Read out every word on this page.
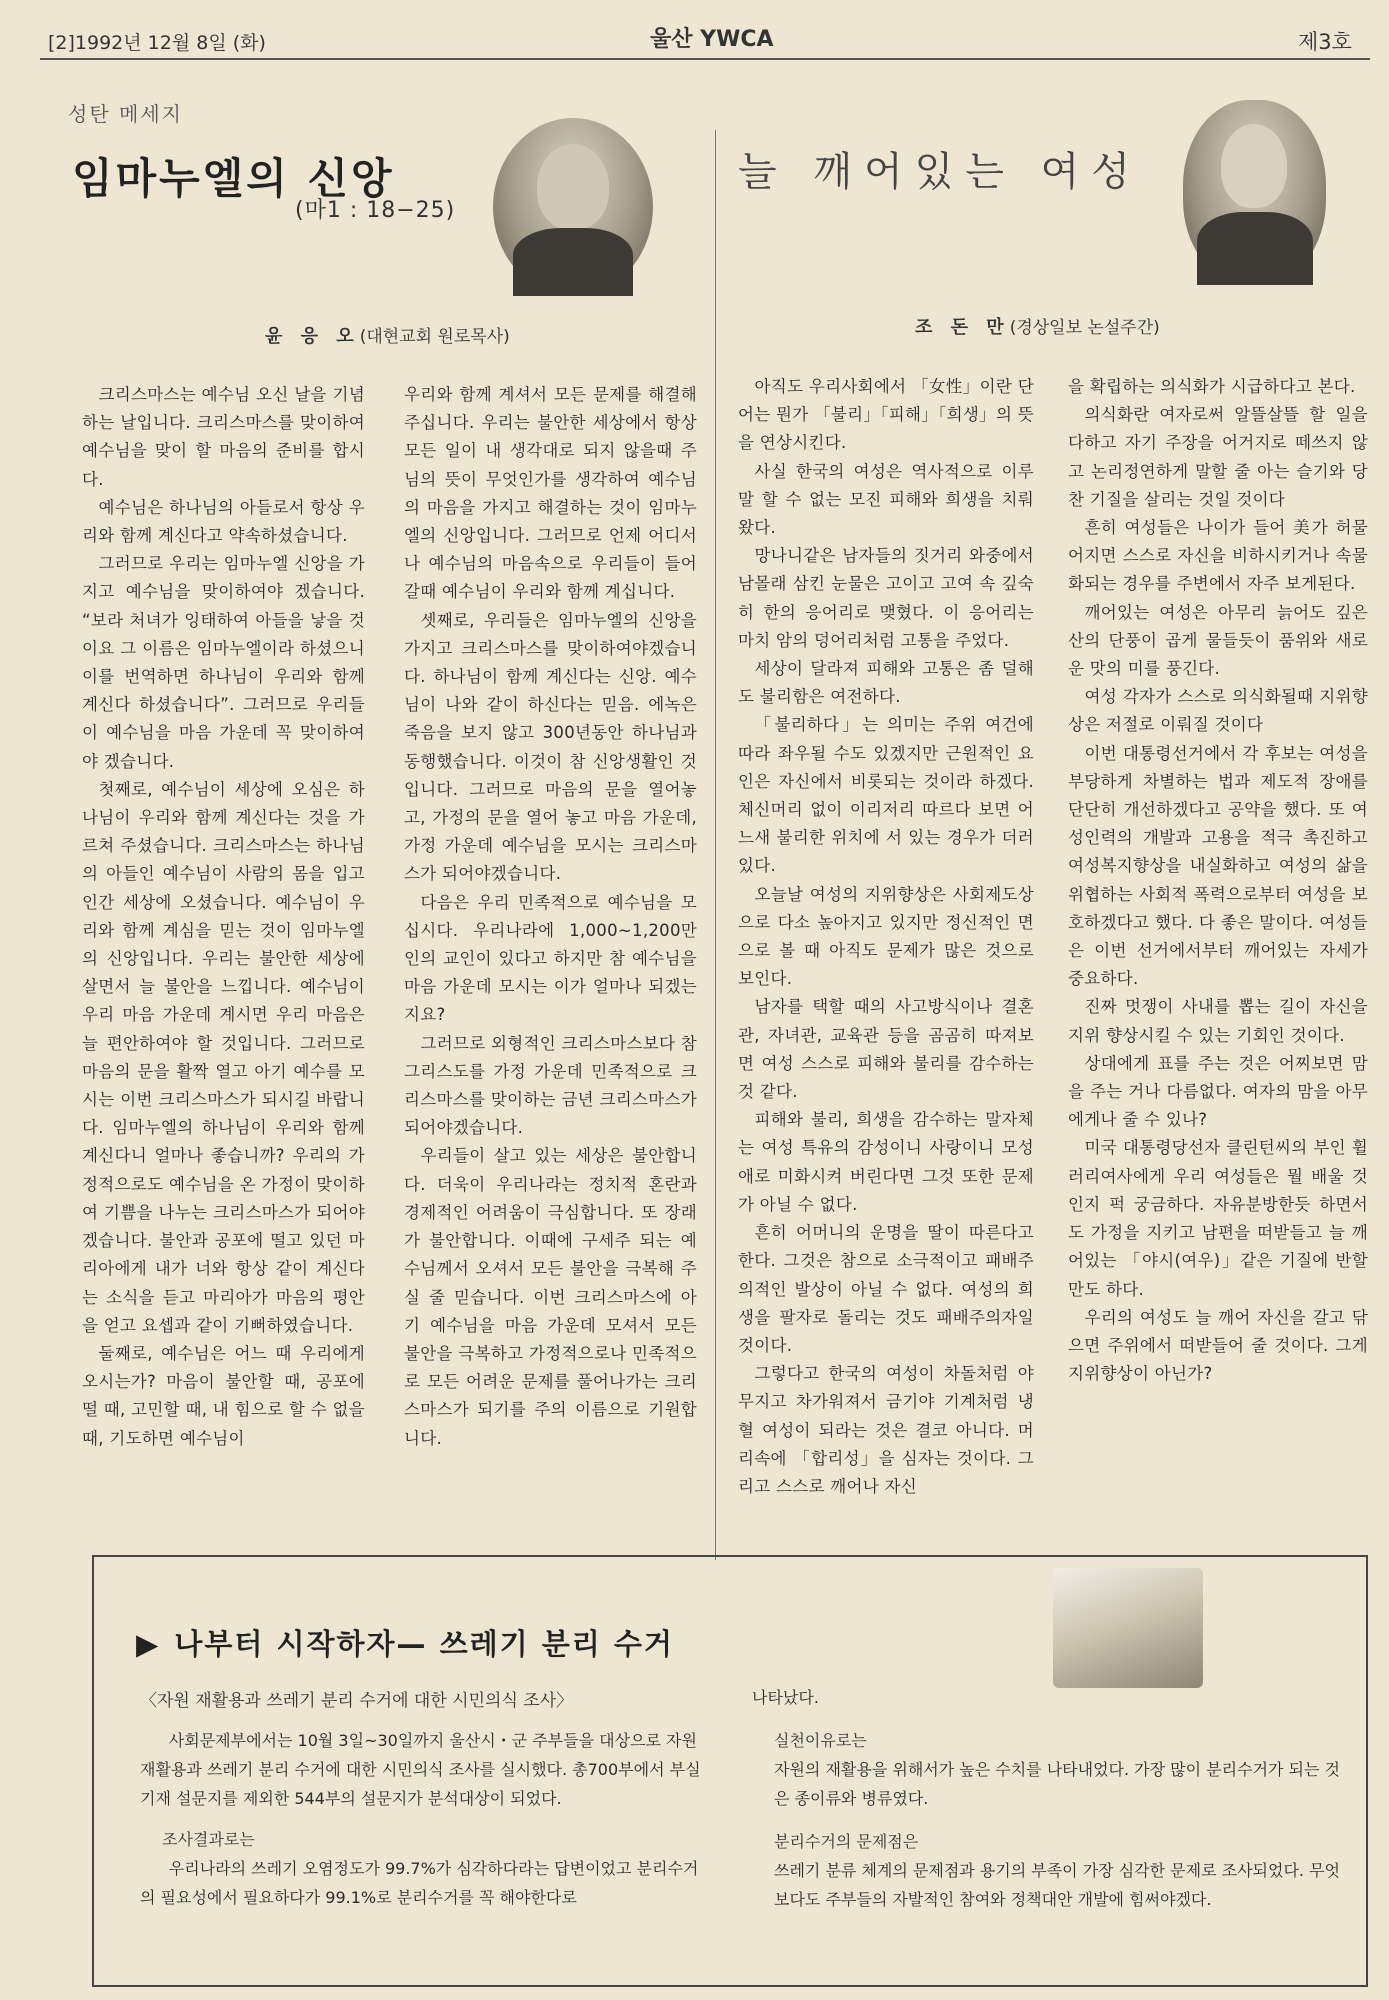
[2]1992년 12월 8일 (화)	울산 YWCA	제3호
성탄 메세지
임마누엘의 신앙
(마1 : 18−25)
윤 응 오(대현교회 원로목사)

크리스마스는 예수님 오신 날을 기념하는 날입니다. 크리스마스를 맞이하여 예수님을 맞이 할 마음의 준비를 합시다.

예수님은 하나님의 아들로서 항상 우리와 함께 계신다고 약속하셨습니다.

그러므로 우리는 임마누엘 신앙을 가지고 예수님을 맞이하여야 겠습니다. “보라 처녀가 잉태하여 아들을 낳을 것이요 그 이름은 임마누엘이라 하셨으니 이를 번역하면 하나님이 우리와 함께 계신다 하셨습니다”. 그러므로 우리들이 예수님을 마음 가운데 꼭 맞이하여야 겠습니다.

첫째로, 예수님이 세상에 오심은 하나님이 우리와 함께 계신다는 것을 가르쳐 주셨습니다. 크리스마스는 하나님의 아들인 예수님이 사람의 몸을 입고 인간 세상에 오셨습니다. 예수님이 우리와 함께 계심을 믿는 것이 임마누엘의 신앙입니다. 우리는 불안한 세상에 살면서 늘 불안을 느낍니다. 예수님이 우리 마음 가운데 계시면 우리 마음은 늘 편안하여야 할 것입니다. 그러므로 마음의 문을 활짝 열고 아기 예수를 모시는 이번 크리스마스가 되시길 바랍니다. 임마누엘의 하나님이 우리와 함께 계신다니 얼마나 좋습니까? 우리의 가정적으로도 예수님을 온 가정이 맞이하여 기쁨을 나누는 크리스마스가 되어야겠습니다. 불안과 공포에 떨고 있던 마리아에게 내가 너와 항상 같이 계신다는 소식을 듣고 마리아가 마음의 평안을 얻고 요셉과 같이 기뻐하였습니다.

둘째로, 예수님은 어느 때 우리에게 오시는가? 마음이 불안할 때, 공포에 떨 때, 고민할 때, 내 힘으로 할 수 없을 때, 기도하면 예수님이

우리와 함께 계셔서 모든 문제를 해결해 주십니다. 우리는 불안한 세상에서 항상 모든 일이 내 생각대로 되지 않을때 주님의 뜻이 무엇인가를 생각하여 예수님의 마음을 가지고 해결하는 것이 임마누엘의 신앙입니다. 그러므로 언제 어디서나 예수님의 마음속으로 우리들이 들어갈때 예수님이 우리와 함께 계십니다.

셋째로, 우리들은 임마누엘의 신앙을 가지고 크리스마스를 맞이하여야겠습니다. 하나님이 함께 계신다는 신앙. 예수님이 나와 같이 하신다는 믿음. 에녹은 죽음을 보지 않고 300년동안 하나님과 동행했습니다. 이것이 참 신앙생활인 것입니다. 그러므로 마음의 문을 열어놓고, 가정의 문을 열어 놓고 마음 가운데, 가정 가운데 예수님을 모시는 크리스마스가 되어야겠습니다.

다음은 우리 민족적으로 예수님을 모십시다. 우리나라에 1,000~1,200만 인의 교인이 있다고 하지만 참 예수님을 마음 가운데 모시는 이가 얼마나 되겠는지요?

그러므로 외형적인 크리스마스보다 참 그리스도를 가정 가운데 민족적으로 크리스마스를 맞이하는 금년 크리스마스가 되어야겠습니다.

우리들이 살고 있는 세상은 불안합니다. 더욱이 우리나라는 정치적 혼란과 경제적인 어려움이 극심합니다. 또 장래가 불안합니다. 이때에 구세주 되는 예수님께서 오셔서 모든 불안을 극복해 주실 줄 믿습니다. 이번 크리스마스에 아기 예수님을 마음 가운데 모셔서 모든 불안을 극복하고 가정적으로나 민족적으로 모든 어려운 문제를 풀어나가는 크리스마스가 되기를 주의 이름으로 기원합니다.

늘 깨어있는 여성
조 돈 만(경상일보 논설주간)

아직도 우리사회에서 「女性」이란 단어는 뭔가 「불리」「피해」「희생」의 뜻을 연상시킨다.

사실 한국의 여성은 역사적으로 이루 말 할 수 없는 모진 피해와 희생을 치뤄왔다.

망나니같은 남자들의 짓거리 와중에서 남몰래 삼킨 눈물은 고이고 고여 속 깊숙히 한의 응어리로 맺혔다. 이 응어리는 마치 암의 덩어리처럼 고통을 주었다.

세상이 달라져 피해와 고통은 좀 덜해도 불리함은 여전하다.

「불리하다」는 의미는 주위 여건에 따라 좌우될 수도 있겠지만 근원적인 요인은 자신에서 비롯되는 것이라 하겠다. 체신머리 없이 이리저리 따르다 보면 어느새 불리한 위치에 서 있는 경우가 더러 있다.

오늘날 여성의 지위향상은 사회제도상으로 다소 높아지고 있지만 정신적인 면으로 볼 때 아직도 문제가 많은 것으로 보인다.

남자를 택할 때의 사고방식이나 결혼관, 자녀관, 교육관 등을 곰곰히 따져보면 여성 스스로 피해와 불리를 감수하는 것 같다.

피해와 불리, 희생을 감수하는 말자체는 여성 특유의 감성이니 사랑이니 모성애로 미화시켜 버린다면 그것 또한 문제가 아닐 수 없다.

흔히 어머니의 운명을 딸이 따른다고 한다. 그것은 참으로 소극적이고 패배주의적인 발상이 아닐 수 없다. 여성의 희생을 팔자로 돌리는 것도 패배주의자일 것이다.

그렇다고 한국의 여성이 차돌처럼 야무지고 차가워져서 금기야 기계처럼 냉혈 여성이 되라는 것은 결코 아니다. 머리속에 「합리성」을 심자는 것이다. 그리고 스스로 깨어나 자신

을 확립하는 의식화가 시급하다고 본다.

의식화란 여자로써 알뜰살뜰 할 일을 다하고 자기 주장을 어거지로 떼쓰지 않고 논리정연하게 말할 줄 아는 슬기와 당찬 기질을 살리는 것일 것이다

흔히 여성들은 나이가 들어 美가 허물어지면 스스로 자신을 비하시키거나 속물화되는 경우를 주변에서 자주 보게된다.

깨어있는 여성은 아무리 늙어도 깊은 산의 단풍이 곱게 물들듯이 품위와 새로운 맛의 미를 풍긴다.

여성 각자가 스스로 의식화될때 지위향상은 저절로 이뤄질 것이다

이번 대통령선거에서 각 후보는 여성을 부당하게 차별하는 법과 제도적 장애를 단단히 개선하겠다고 공약을 했다. 또 여성인력의 개발과 고용을 적극 촉진하고 여성복지향상을 내실화하고 여성의 삶을 위협하는 사회적 폭력으로부터 여성을 보호하겠다고 했다. 다 좋은 말이다. 여성들은 이번 선거에서부터 깨어있는 자세가 중요하다.

진짜 멋쟁이 사내를 뽑는 길이 자신을 지위 향상시킬 수 있는 기회인 것이다.

상대에게 표를 주는 것은 어찌보면 맘을 주는 거나 다름없다. 여자의 맘을 아무에게나 줄 수 있나?

미국 대통령당선자 클린턴씨의 부인 휠러리여사에게 우리 여성들은 뭘 배울 것인지 퍽 궁금하다. 자유분방한듯 하면서도 가정을 지키고 남편을 떠받들고 늘 깨어있는 「야시(여우)」같은 기질에 반할 만도 하다.

우리의 여성도 늘 깨어 자신을 갈고 닦으면 주위에서 떠받들어 줄 것이다. 그게 지위향상이 아닌가?

▶ 나부터 시작하자— 쓰레기 분리 수거
〈자원 재활용과 쓰레기 분리 수거에 대한 시민의식 조사〉

사회문제부에서는 10월 3일~30일까지 울산시・군 주부들을 대상으로 자원재활용과 쓰레기 분리 수거에 대한 시민의식 조사를 실시했다. 총700부에서 부실기재 설문지를 제외한 544부의 설문지가 분석대상이 되었다.

조사결과로는

우리나라의 쓰레기 오염정도가 99.7%가 심각하다라는 답변이었고 분리수거의 필요성에서 필요하다가 99.1%로 분리수거를 꼭 해야한다로

나타났다.

실천이유로는

자원의 재활용을 위해서가 높은 수치를 나타내었다. 가장 많이 분리수거가 되는 것은 종이류와 병류였다.

분리수거의 문제점은

쓰레기 분류 체계의 문제점과 용기의 부족이 가장 심각한 문제로 조사되었다. 무엇보다도 주부들의 자발적인 참여와 정책대안 개발에 힘써야겠다.
